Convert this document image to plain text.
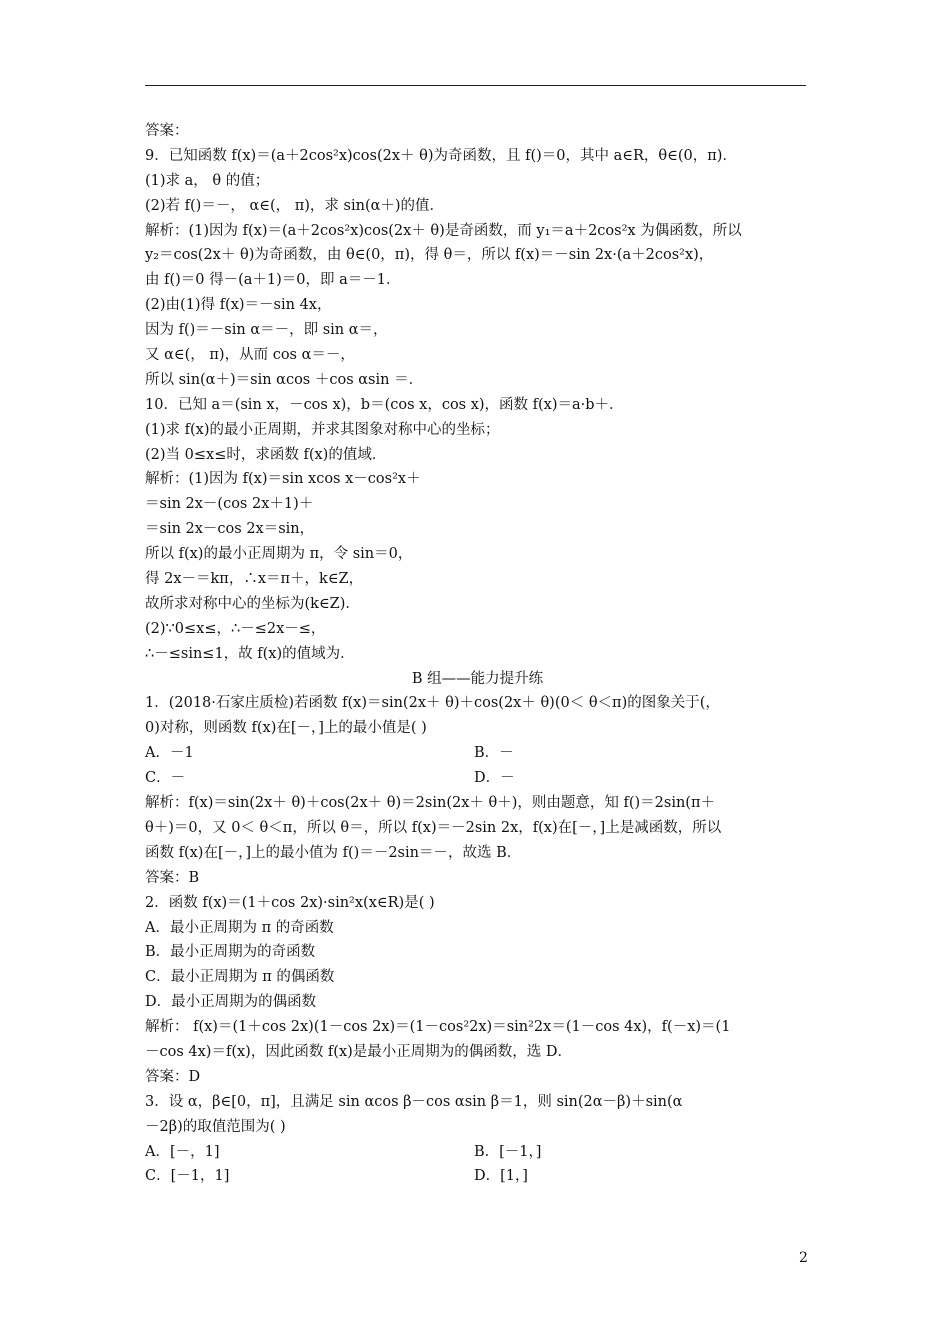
答案：
9．已知函数 f(x)＝(a＋2cos²x)cos(2x＋ θ)为奇函数，且 f()＝0，其中 a∈R，θ∈(0，π)．
(1)求 a， θ 的值；
(2)若 f()＝－， α∈(， π)，求 sin(α＋)的值．
解析：(1)因为 f(x)＝(a＋2cos²x)cos(2x＋ θ)是奇函数，而 y₁＝a＋2cos²x 为偶函数，所以
y₂＝cos(2x＋ θ)为奇函数，由 θ∈(0，π)，得 θ＝，所以 f(x)＝－sin 2x·(a＋2cos²x)，
由 f()＝0 得－(a＋1)＝0，即 a＝－1．
(2)由(1)得 f(x)＝－sin 4x，
因为 f()＝－sin α＝－，即 sin α＝，
又 α∈(， π)，从而 cos α＝－，
所以 sin(α＋)＝sin αcos ＋cos αsin ＝．
10．已知 a＝(sin x，－cos x)，b＝(cos x，cos x)，函数 f(x)＝a·b＋．
(1)求 f(x)的最小正周期，并求其图象对称中心的坐标；
(2)当 0≤x≤时，求函数 f(x)的值域．
解析：(1)因为 f(x)＝sin xcos x－cos²x＋
＝sin 2x－(cos 2x＋1)＋
＝sin 2x－cos 2x＝sin，
所以 f(x)的最小正周期为 π，令 sin＝0，
得 2x－＝kπ，∴x＝π＋，k∈Z，
故所求对称中心的坐标为(k∈Z)．
(2)∵0≤x≤，∴－≤2x－≤，
∴－≤sin≤1，故 f(x)的值域为．
B 组——能力提升练
1．(2018·石家庄质检)若函数 f(x)＝sin(2x＋ θ)＋cos(2x＋ θ)(0＜ θ＜π)的图象关于(，
0)对称，则函数 f(x)在[－，]上的最小值是( )
A．－1	B．－
C．－	D．－
解析：f(x)＝sin(2x＋ θ)＋cos(2x＋ θ)＝2sin(2x＋ θ＋)，则由题意，知 f()＝2sin(π＋
θ＋)＝0，又 0＜ θ＜π，所以 θ＝，所以 f(x)＝－2sin 2x，f(x)在[－，]上是减函数，所以
函数 f(x)在[－，]上的最小值为 f()＝－2sin＝－，故选 B．
答案：B
2．函数 f(x)＝(1＋cos 2x)·sin²x(x∈R)是( )
A．最小正周期为 π 的奇函数
B．最小正周期为的奇函数
C．最小正周期为 π 的偶函数
D．最小正周期为的偶函数
解析： f(x)＝(1＋cos 2x)(1－cos 2x)＝(1－cos²2x)＝sin²2x＝(1－cos 4x)，f(－x)＝(1
－cos 4x)＝f(x)，因此函数 f(x)是最小正周期为的偶函数，选 D．
答案：D
3．设 α，β∈[0，π]，且满足 sin αcos β－cos αsin β＝1，则 sin(2α－β)＋sin(α
－2β)的取值范围为( )
A．[－，1]	B．[－1，]
C．[－1，1]	D．[1，]
2
